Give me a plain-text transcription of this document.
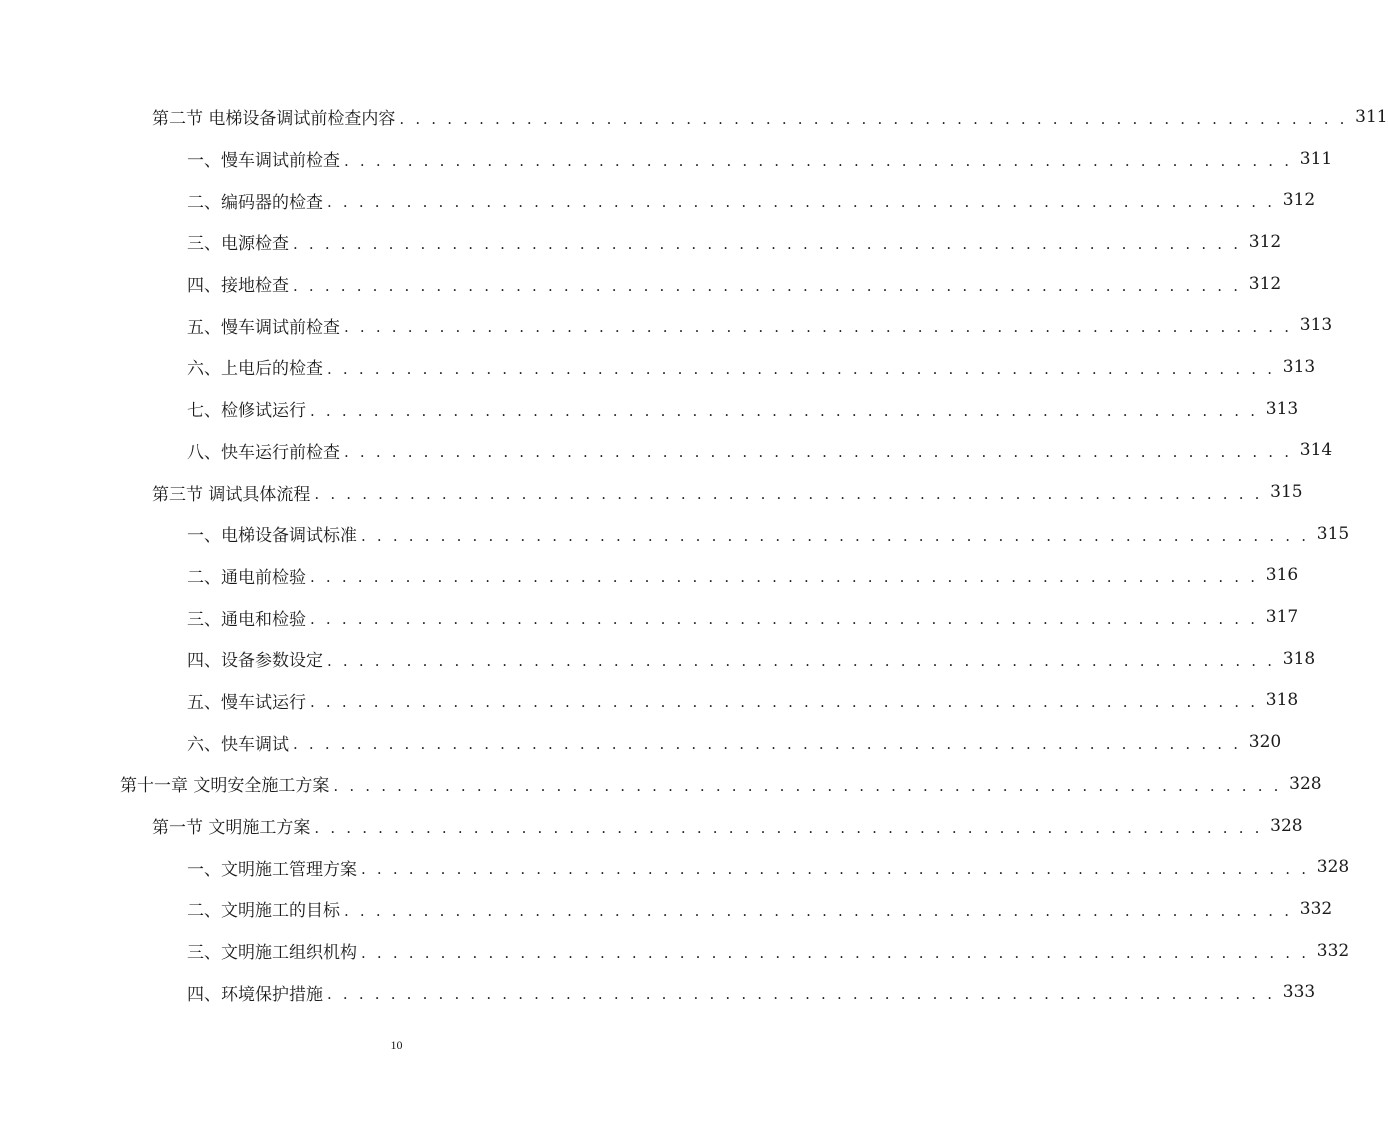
第二节 电梯设备调试前检查内容 . . . . . . . . . . . . . . . . . . . . . . . . . . . . . . . . . . . . . . . . . . . . . . . . . . . . . . . . . . . . 311
一、慢车调试前检查 . . . . . . . . . . . . . . . . . . . . . . . . . . . . . . . . . . . . . . . . . . . . . . . . . . . . . . . . . . . . 311
二、编码器的检查 . . . . . . . . . . . . . . . . . . . . . . . . . . . . . . . . . . . . . . . . . . . . . . . . . . . . . . . . . . . . 312
三、电源检查 . . . . . . . . . . . . . . . . . . . . . . . . . . . . . . . . . . . . . . . . . . . . . . . . . . . . . . . . . . . . 312
四、接地检查 . . . . . . . . . . . . . . . . . . . . . . . . . . . . . . . . . . . . . . . . . . . . . . . . . . . . . . . . . . . . 312
五、慢车调试前检查 . . . . . . . . . . . . . . . . . . . . . . . . . . . . . . . . . . . . . . . . . . . . . . . . . . . . . . . . . . . . 313
六、上电后的检查 . . . . . . . . . . . . . . . . . . . . . . . . . . . . . . . . . . . . . . . . . . . . . . . . . . . . . . . . . . . . 313
七、检修试运行 . . . . . . . . . . . . . . . . . . . . . . . . . . . . . . . . . . . . . . . . . . . . . . . . . . . . . . . . . . . . 313
八、快车运行前检查 . . . . . . . . . . . . . . . . . . . . . . . . . . . . . . . . . . . . . . . . . . . . . . . . . . . . . . . . . . . . 314
第三节 调试具体流程 . . . . . . . . . . . . . . . . . . . . . . . . . . . . . . . . . . . . . . . . . . . . . . . . . . . . . . . . . . . . 315
一、电梯设备调试标准 . . . . . . . . . . . . . . . . . . . . . . . . . . . . . . . . . . . . . . . . . . . . . . . . . . . . . . . . . . . . 315
二、通电前检验 . . . . . . . . . . . . . . . . . . . . . . . . . . . . . . . . . . . . . . . . . . . . . . . . . . . . . . . . . . . . 316
三、通电和检验 . . . . . . . . . . . . . . . . . . . . . . . . . . . . . . . . . . . . . . . . . . . . . . . . . . . . . . . . . . . . 317
四、设备参数设定 . . . . . . . . . . . . . . . . . . . . . . . . . . . . . . . . . . . . . . . . . . . . . . . . . . . . . . . . . . . . 318
五、慢车试运行 . . . . . . . . . . . . . . . . . . . . . . . . . . . . . . . . . . . . . . . . . . . . . . . . . . . . . . . . . . . . 318
六、快车调试 . . . . . . . . . . . . . . . . . . . . . . . . . . . . . . . . . . . . . . . . . . . . . . . . . . . . . . . . . . . . 320
第十一章 文明安全施工方案 . . . . . . . . . . . . . . . . . . . . . . . . . . . . . . . . . . . . . . . . . . . . . . . . . . . . . . . . . . . . 328
第一节 文明施工方案 . . . . . . . . . . . . . . . . . . . . . . . . . . . . . . . . . . . . . . . . . . . . . . . . . . . . . . . . . . . . 328
一、文明施工管理方案 . . . . . . . . . . . . . . . . . . . . . . . . . . . . . . . . . . . . . . . . . . . . . . . . . . . . . . . . . . . . 328
二、文明施工的目标 . . . . . . . . . . . . . . . . . . . . . . . . . . . . . . . . . . . . . . . . . . . . . . . . . . . . . . . . . . . . 332
三、文明施工组织机构 . . . . . . . . . . . . . . . . . . . . . . . . . . . . . . . . . . . . . . . . . . . . . . . . . . . . . . . . . . . . 332
四、环境保护措施 . . . . . . . . . . . . . . . . . . . . . . . . . . . . . . . . . . . . . . . . . . . . . . . . . . . . . . . . . . . . 333
10
